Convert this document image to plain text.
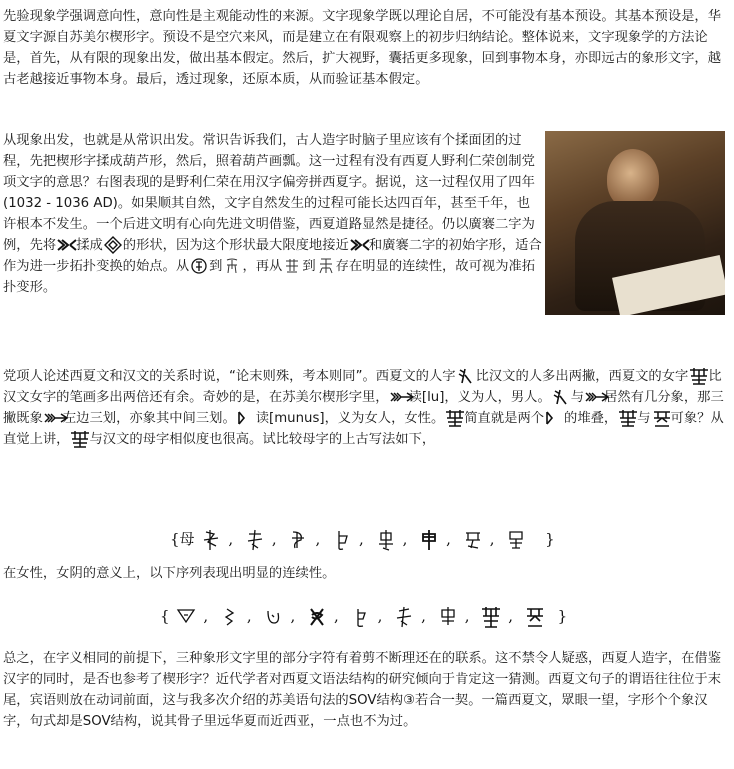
先验现象学强调意向性，意向性是主观能动性的来源。文字现象学既以理论自居，不可能没有基本预设。其基本预设是，华夏文字源自苏美尔楔形字。预设不是空穴来风，而是建立在有限观察上的初步归纳结论。整体说来，文字现象学的方法论是，首先，从有限的现象出发，做出基本假定。然后，扩大视野，囊括更多现象，回到事物本身，亦即远古的象形文字，越古老越接近事物本身。最后，透过现象，还原本质，从而验证基本假定。

从现象出发，也就是从常识出发。常识告诉我们，古人造字时脑子里应该有个揉面团的过程，先把楔形字揉成葫芦形，然后，照着葫芦画瓢。这一过程有没有西夏人野利仁荣创制党项文字的意思？右图表现的是野利仁荣在用汉字偏旁拼西夏字。据说，这一过程仅用了四年(1032 - 1036 AD)。如果顺其自然，文字自然发生的过程可能长达四百年，甚至千年，也许根本不发生。一个后进文明有心向先进文明借鉴，西夏道路显然是捷径。仍以廣褰二字为例，先将 揉成 的形状，因为这个形状最大限度地接近 和廣褰二字的初始字形，适合作为进一步拓扑变换的始点。从 到 ，再从 到 存在明显的连续性，故可视为准拓扑变形。

党项人论述西夏文和汉文的关系时说，“论末则殊，考本则同”。西夏文的人字 比汉文的人多出两撇，西夏文的女字 比汉文女字的笔画多出两倍还有余。奇妙的是，在苏美尔楔形字里， 读[lu]，义为人，男人。 与 居然有几分象，那三撇既象 左边三划，亦象其中间三划。 读[munus]，义为女人，女性。 简直就是两个 的堆叠， 与 可象？从直觉上讲， 与汉文的母字相似度也很高。试比较母字的上古写法如下，

{母 ,	,	,	,	,	,	,	}

在女性，女阴的意义上，以下序列表现出明显的连续性。

{ ,	,	,	,	,	,	,	,	}

总之，在字义相同的前提下，三种象形文字里的部分字符有着剪不断理还在的联系。这不禁令人疑惑，西夏人造字，在借鉴汉字的同时，是否也参考了楔形字？近代学者对西夏文语法结构的研究倾向于肯定这一猜测。西夏文句子的谓语往往位于末尾，宾语则放在动词前面，这与我多次介绍的苏美语句法的SOV结构③若合一契。一篇西夏文，眾眼一望，字形个个象汉字，句式却是SOV结构，说其骨子里远华夏而近西亚，一点也不为过。
